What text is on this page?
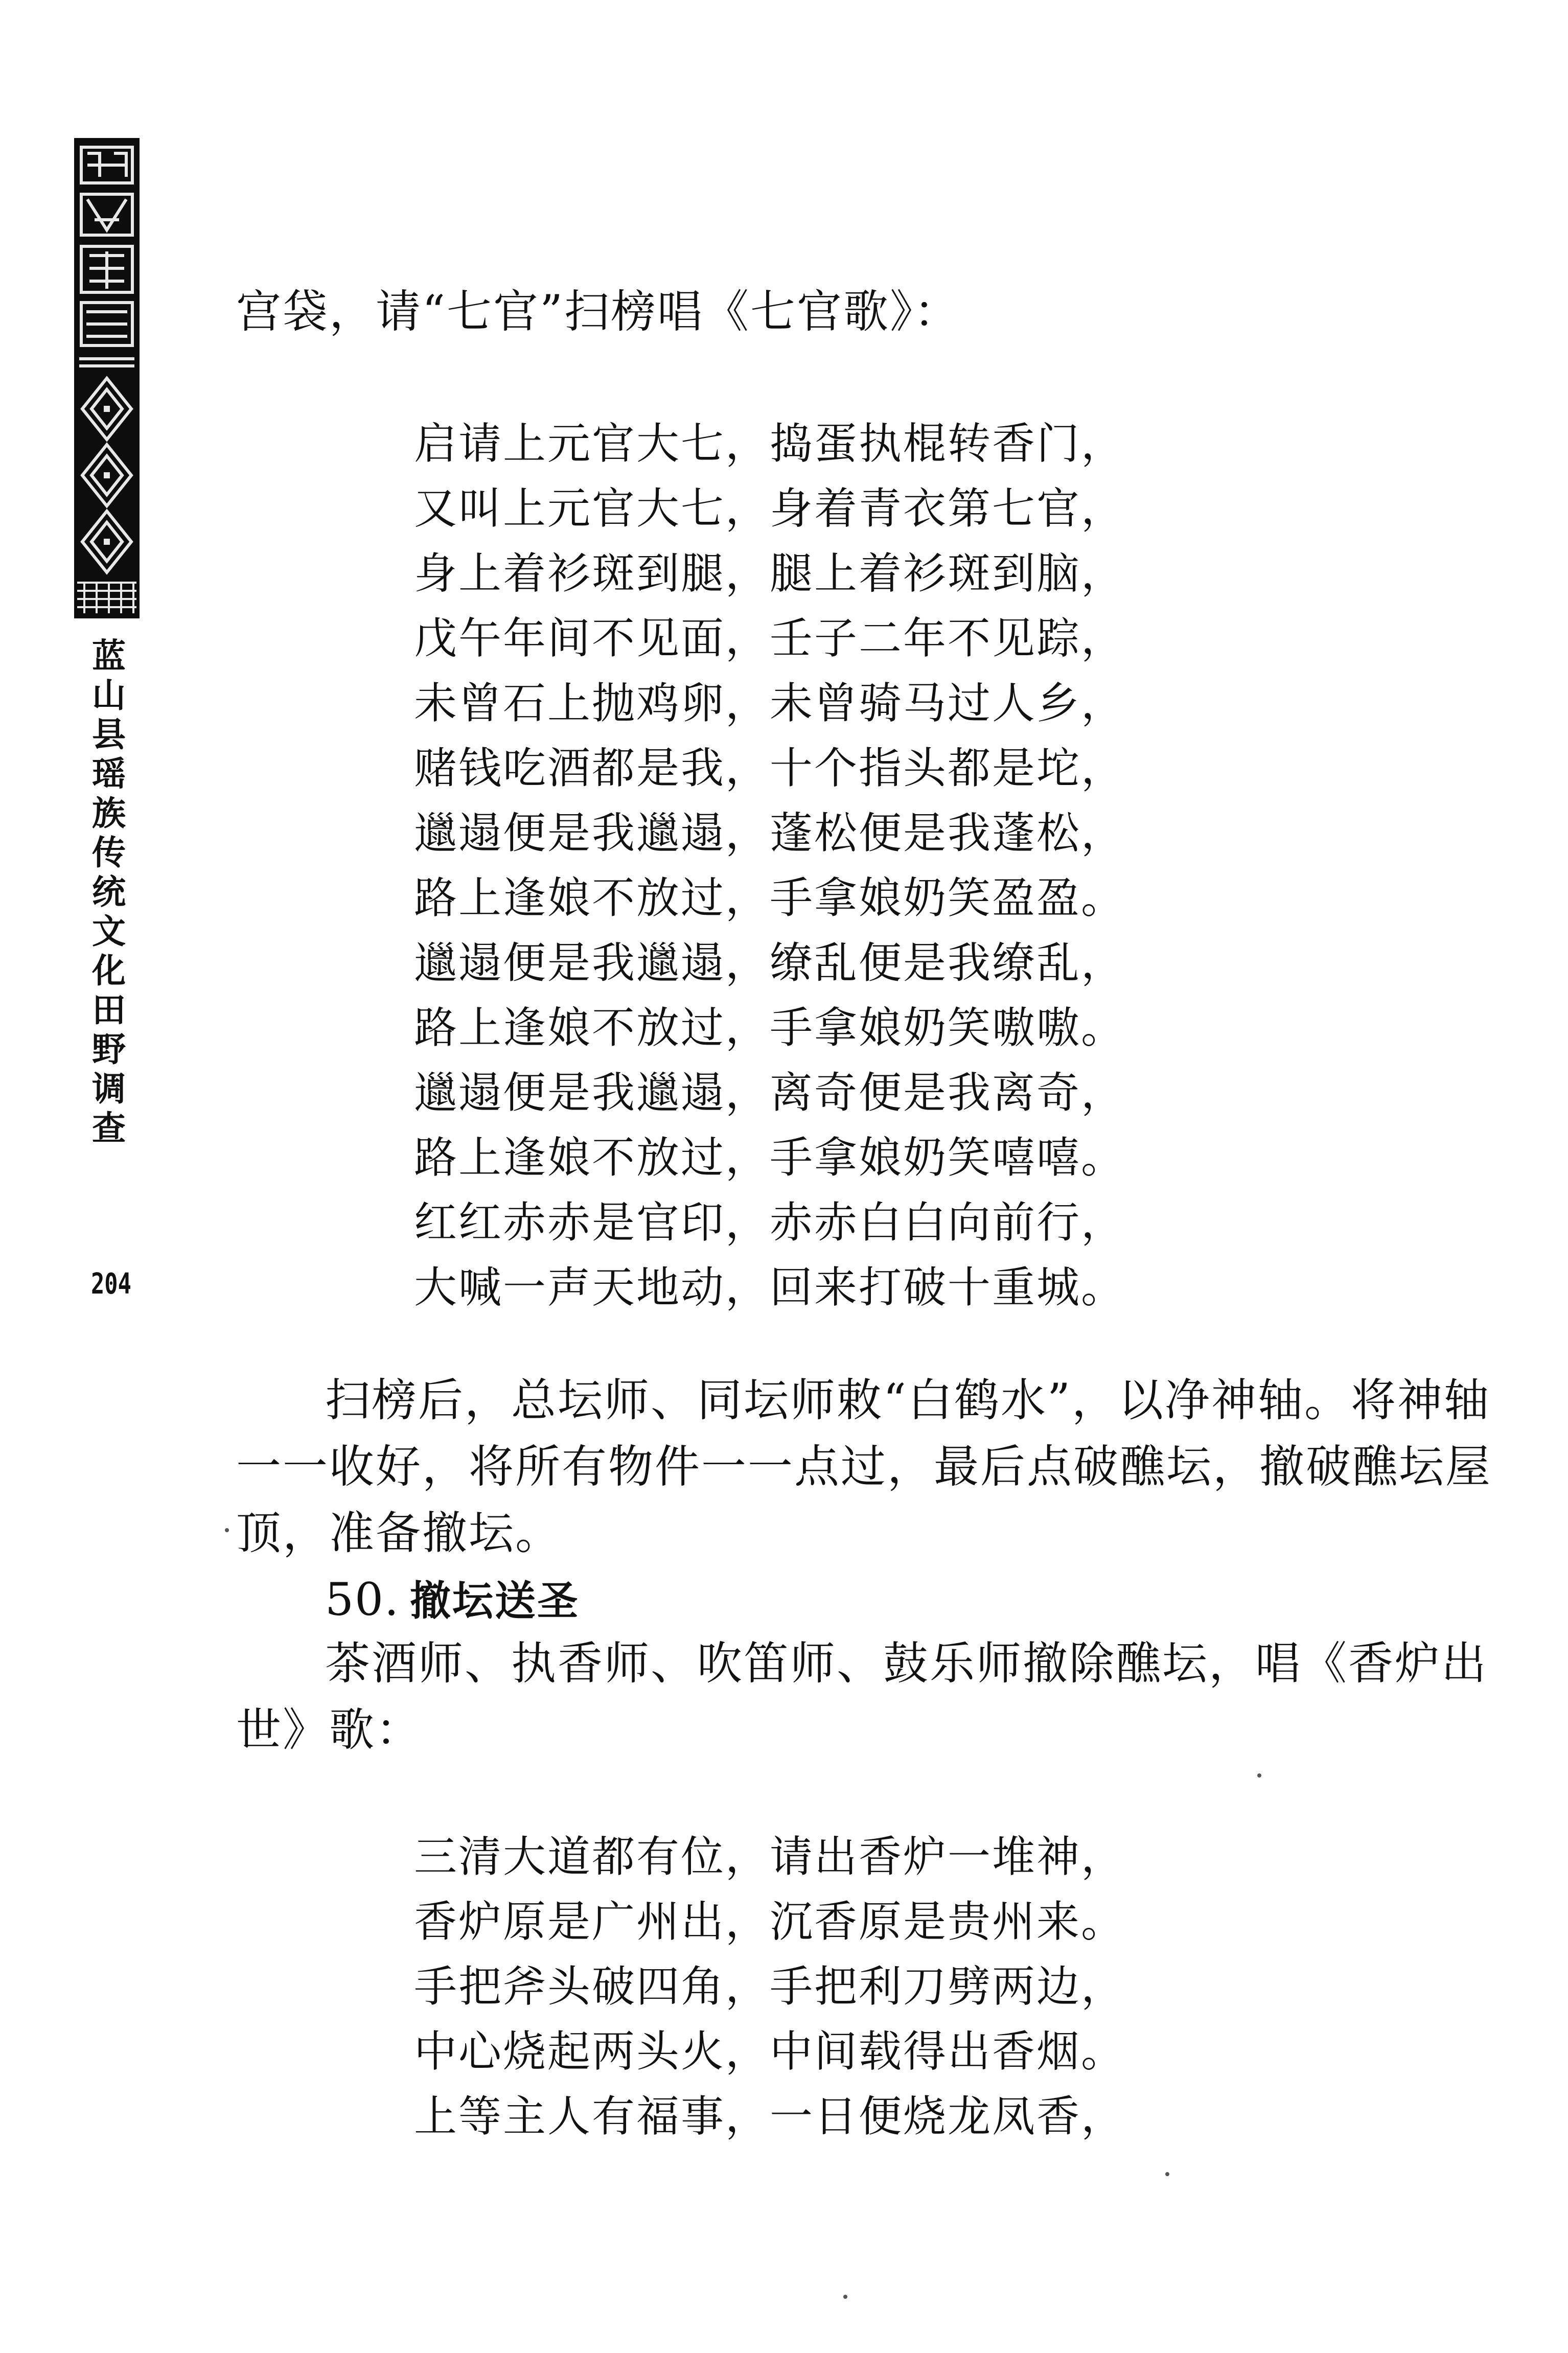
蓝
山
县
瑶
族
传
统
文
化
田
野
调
查
204
宫袋，请“七官”扫榜唱《七官歌》：
启请上元官大七，捣蛋执棍转香门，
又叫上元官大七，身着青衣第七官，
身上着衫斑到腿，腿上着衫斑到脑，
戊午年间不见面，壬子二年不见踪，
未曾石上抛鸡卵，未曾骑马过人乡，
赌钱吃酒都是我，十个指头都是坨，
邋遢便是我邋遢，蓬松便是我蓬松，
路上逢娘不放过，手拿娘奶笑盈盈。
邋遢便是我邋遢，缭乱便是我缭乱，
路上逢娘不放过，手拿娘奶笑嗷嗷。
邋遢便是我邋遢，离奇便是我离奇，
路上逢娘不放过，手拿娘奶笑嘻嘻。
红红赤赤是官印，赤赤白白向前行，
大喊一声天地动，回来打破十重城。
扫榜后，总坛师、同坛师敕“白鹤水”，以净神轴。将神轴
一一收好，将所有物件一一点过，最后点破醮坛，撤破醮坛屋
顶，准备撤坛。
50. 撤坛送圣
茶酒师、执香师、吹笛师、鼓乐师撤除醮坛，唱《香炉出
世》歌：
三清大道都有位，请出香炉一堆神，
香炉原是广州出，沉香原是贵州来。
手把斧头破四角，手把利刀劈两边，
中心烧起两头火，中间载得出香烟。
上等主人有福事，一日便烧龙凤香，
